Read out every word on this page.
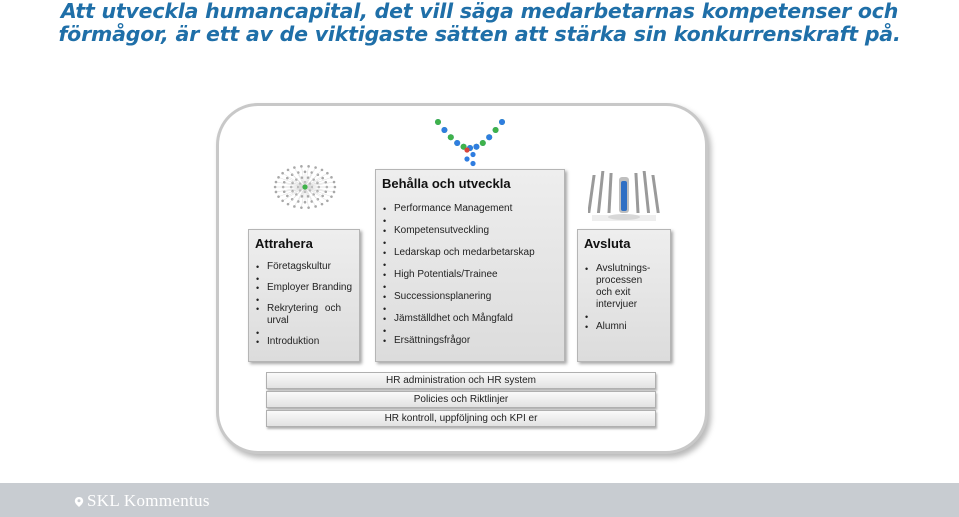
Att utveckla humancapital, det vill säga medarbetarnas kompetenser och
förmågor, är ett av de viktigaste sätten att stärka sin konkurrenskraft på.
Attrahera
• Företagskultur
•
• Employer Branding
•
• Rekrytering och urval
•
• Introduktion
Behålla och utveckla
• Performance Management
•
• Kompetensutveckling
•
• Ledarskap och medarbetarskap
•
• High Potentials/Trainee
•
• Successionsplanering
•
• Jämställdhet och Mångfald
•
• Ersättningsfrågor
Avsluta
• Avslutnings-processen och exit intervjuer
•
• Alumni
HR administration och HR system
Policies och Riktlinjer
HR kontroll, uppföljning och KPI er
SKL Kommentus
